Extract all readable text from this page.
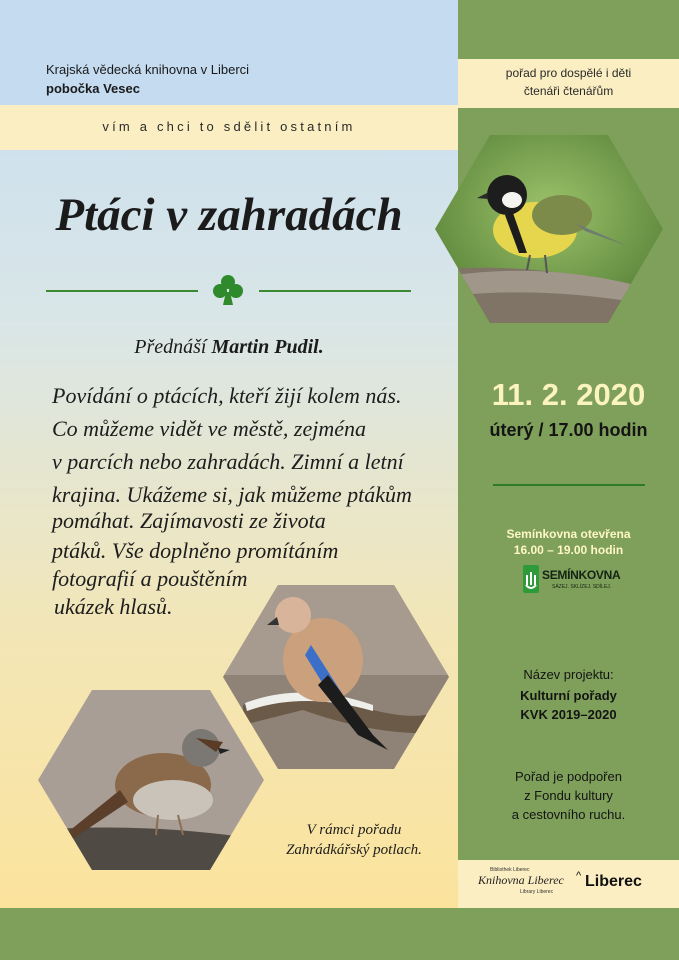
Krajská vědecká knihovna v Liberci
pobočka Vesec
vím a chci to sdělit ostatním
pořad pro dospělé i děti
čtenáři čtenářům
Ptáci v zahradách
Přednáší Martin Pudil.
Povídání o ptácích, kteří žijí kolem nás.
Co můžeme vidět ve městě, zejména
v parcích nebo zahradách. Zimní a letní
krajina. Ukážeme si, jak můžeme ptákům
pomáhat. Zajímavosti ze života
ptáků. Vše doplněno promítáním
fotografií a pouštěním
ukázek hlasů.
V rámci pořadu
Zahrádkářský potlach.
11. 2. 2020
úterý / 17.00 hodin
Semínkovna otevřena
16.00 – 19.00 hodin
SEMÍNKOVNA
SÁZEJ. SKLÍZEJ. SDÍLEJ.
Název projektu:
Kulturní pořady
KVK 2019–2020
Pořad je podpořen
z Fondu kultury
a cestovního ruchu.
Bibliothek Liberec
Knihovna Liberec
Library Liberec
^ Liberec
